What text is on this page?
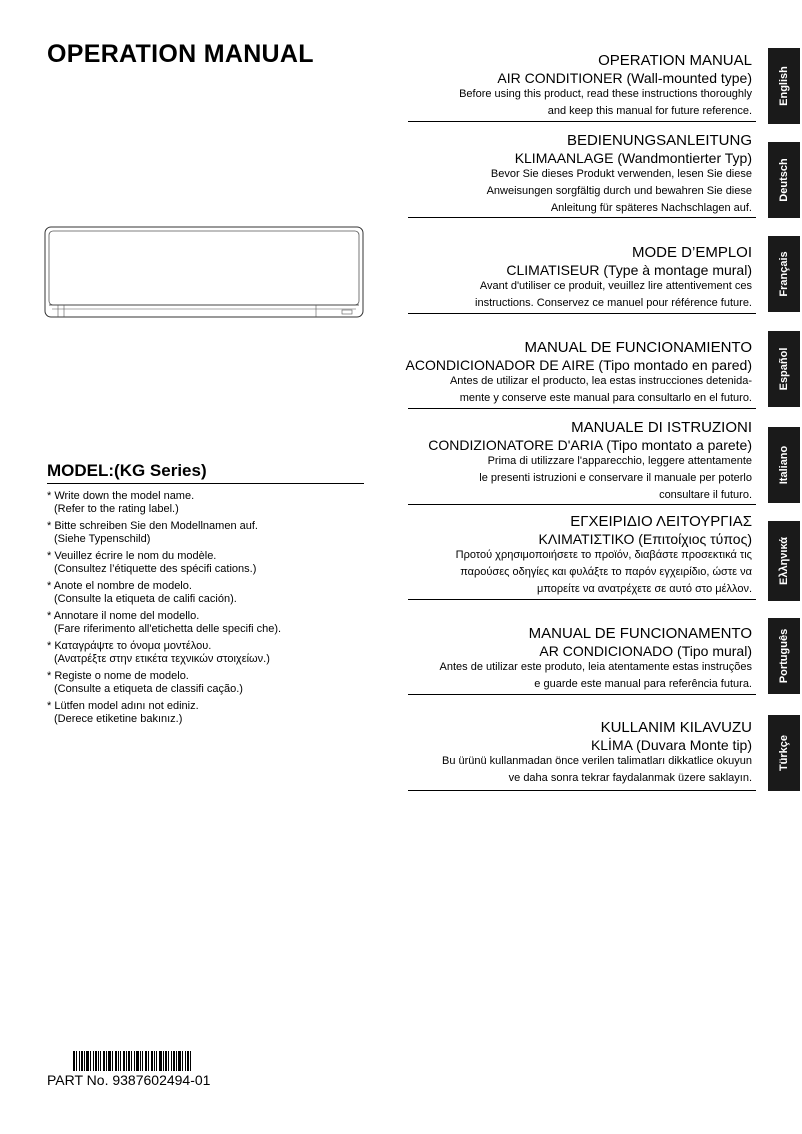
OPERATION MANUAL
MODEL:(KG Series)
* Write down the model name.
(Refer to the rating label.)
* Bitte schreiben Sie den Modellnamen auf.
(Siehe Typenschild)
* Veuillez écrire le nom du modèle.
(Consultez l’étiquette des spécifi cations.)
* Anote el nombre de modelo.
(Consulte la etiqueta de califi cación).
* Annotare il nome del modello.
(Fare riferimento all'etichetta delle specifi che).
* Καταγράψτε το όνομα μοντέλου.
(Ανατρέξτε στην ετικέτα τεχνικών στοιχείων.)
* Registe o nome de modelo.
(Consulte a etiqueta de classifi cação.)
* Lütfen model adını not ediniz.
(Derece etiketine bakınız.)
OPERATION MANUAL
AIR CONDITIONER (Wall-mounted type)
Before using this product, read these instructions thoroughly
and keep this manual for future reference.
BEDIENUNGSANLEITUNG
KLIMAANLAGE (Wandmontierter Typ)
Bevor Sie dieses Produkt verwenden, lesen Sie diese
Anweisungen sorgfältig durch und bewahren Sie diese
Anleitung für späteres Nachschlagen auf.
MODE D’EMPLOI
CLIMATISEUR (Type à montage mural)
Avant d'utiliser ce produit, veuillez lire attentivement ces
instructions. Conservez ce manuel pour référence future.
MANUAL DE FUNCIONAMIENTO
ACONDICIONADOR DE AIRE (Tipo montado en pared)
Antes de utilizar el producto, lea estas instrucciones detenida-
mente y conserve este manual para consultarlo en el futuro.
MANUALE DI ISTRUZIONI
CONDIZIONATORE D'ARIA (Tipo montato a parete)
Prima di utilizzare l'apparecchio, leggere attentamente
le presenti istruzioni e conservare il manuale per poterlo
consultare il futuro.
ΕΓΧΕΙΡΙΔΙΟ ΛΕΙΤΟΥΡΓΙΑΣ
ΚΛΙΜΑΤΙΣΤΙΚΟ (Επιτοίχιος τύπος)
Προτού χρησιμοποιήσετε το προϊόν, διαβάστε προσεκτικά τις
παρούσες οδηγίες και φυλάξτε το παρόν εγχειρίδιο, ώστε να
μπορείτε να ανατρέχετε σε αυτό στο μέλλον.
MANUAL DE FUNCIONAMENTO
AR CONDICIONADO (Tipo mural)
Antes de utilizar este produto, leia atentamente estas instruções
e guarde este manual para referência futura.
KULLANIM KILAVUZU
KLİMA (Duvara Monte tip)
Bu ürünü kullanmadan önce verilen talimatları dikkatlice okuyun
ve daha sonra tekrar faydalanmak üzere saklayın.
English
Deutsch
Français
Español
Italiano
Ελληνικά
Português
Türkçe
PART No. 9387602494-01
